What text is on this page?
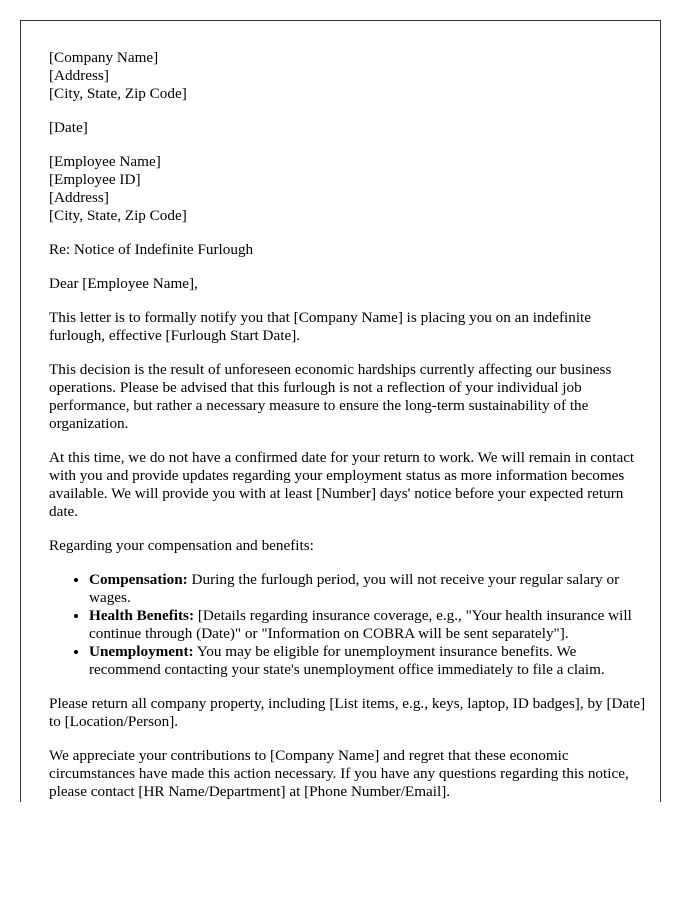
[Company Name]
[Address]
[City, State, Zip Code]
[Date]
[Employee Name]
[Employee ID]
[Address]
[City, State, Zip Code]

Re: Notice of Indefinite Furlough

Dear [Employee Name],

This letter is to formally notify you that [Company Name] is placing you on an indefinite furlough, effective [Furlough Start Date].

This decision is the result of unforeseen economic hardships currently affecting our business operations. Please be advised that this furlough is not a reflection of your individual job performance, but rather a necessary measure to ensure the long-term sustainability of the organization.

At this time, we do not have a confirmed date for your return to work. We will remain in contact with you and provide updates regarding your employment status as more information becomes available. We will provide you with at least [Number] days' notice before your expected return date.

Regarding your compensation and benefits:

• Compensation: During the furlough period, you will not receive your regular salary or wages.
• Health Benefits: [Details regarding insurance coverage, e.g., "Your health insurance will continue through (Date)" or "Information on COBRA will be sent separately"].
• Unemployment: You may be eligible for unemployment insurance benefits. We recommend contacting your state's unemployment office immediately to file a claim.

Please return all company property, including [List items, e.g., keys, laptop, ID badges], by [Date] to [Location/Person].

We appreciate your contributions to [Company Name] and regret that these economic circumstances have made this action necessary. If you have any questions regarding this notice, please contact [HR Name/Department] at [Phone Number/Email].
